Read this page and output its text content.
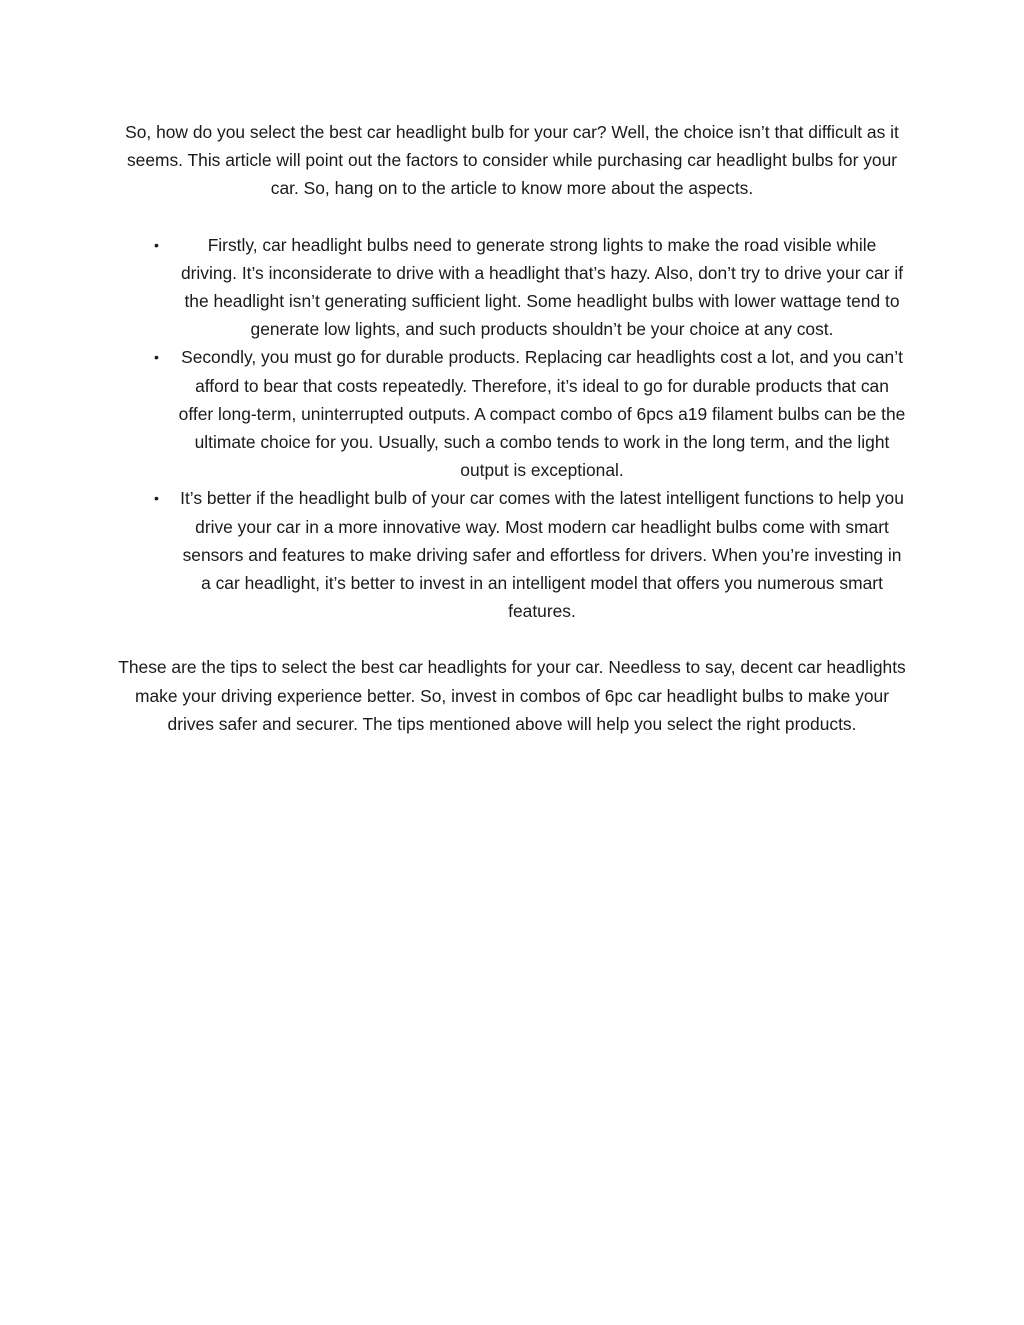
So, how do you select the best car headlight bulb for your car? Well, the choice isn’t that difficult as it seems. This article will point out the factors to consider while purchasing car headlight bulbs for your car. So, hang on to the article to know more about the aspects.

•	Firstly, car headlight bulbs need to generate strong lights to make the road visible while driving. It’s inconsiderate to drive with a headlight that’s hazy. Also, don’t try to drive your car if the headlight isn’t generating sufficient light. Some headlight bulbs with lower wattage tend to generate low lights, and such products shouldn’t be your choice at any cost.
• Secondly, you must go for durable products. Replacing car headlights cost a lot, and you can’t afford to bear that costs repeatedly. Therefore, it’s ideal to go for durable products that can offer long-term, uninterrupted outputs. A compact combo of 6pcs a19 filament bulbs can be the ultimate choice for you. Usually, such a combo tends to work in the long term, and the light output is exceptional.
• It’s better if the headlight bulb of your car comes with the latest intelligent functions to help you drive your car in a more innovative way. Most modern car headlight bulbs come with smart sensors and features to make driving safer and effortless for drivers. When you’re investing in a car headlight, it’s better to invest in an intelligent model that offers you numerous smart features.

These are the tips to select the best car headlights for your car. Needless to say, decent car headlights make your driving experience better. So, invest in combos of 6pc car headlight bulbs to make your drives safer and securer. The tips mentioned above will help you select the right products.
